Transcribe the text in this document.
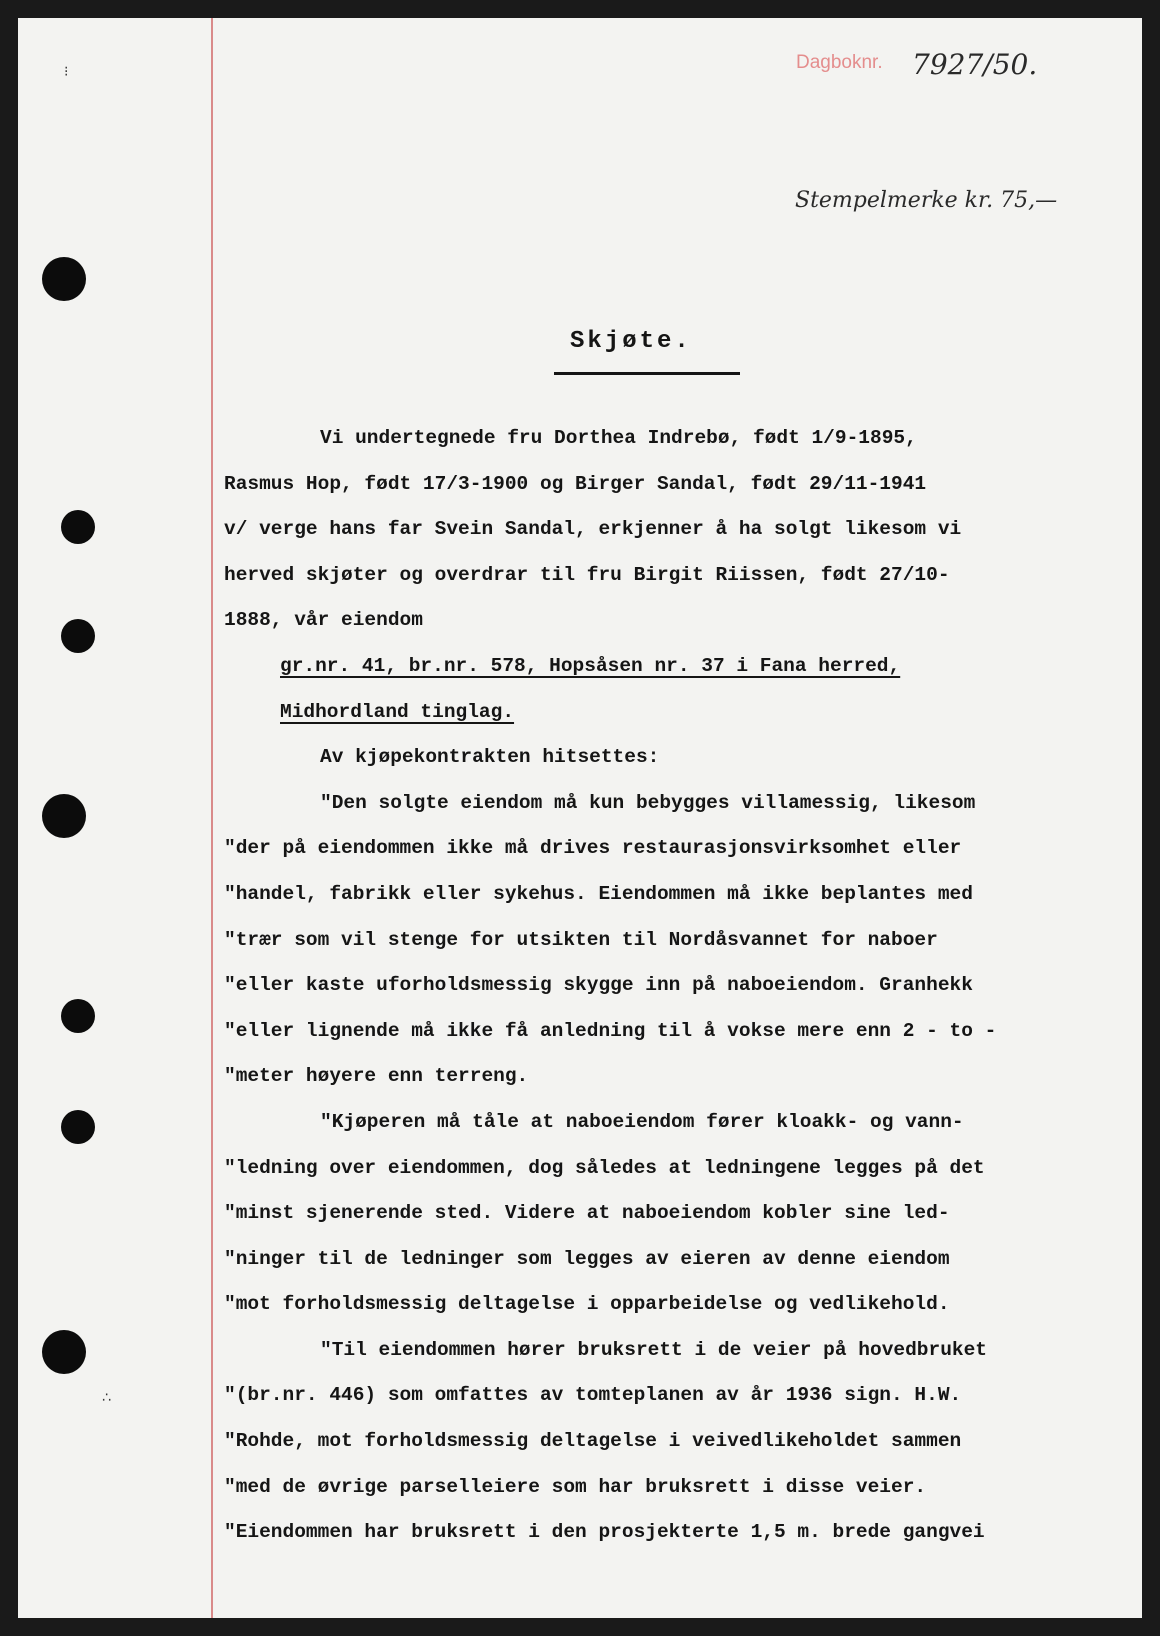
⁝
∴
Dagboknr. 7927/50.
Stempelmerke kr. 75,—
Skjøte.
Vi undertegnede fru Dorthea Indrebø, født 1/9-1895,
Rasmus Hop, født 17/3-1900 og Birger Sandal, født 29/11-1941
v/ verge hans far Svein Sandal, erkjenner å ha solgt likesom vi
herved skjøter og overdrar til fru Birgit Riissen, født 27/10-
1888, vår eiendom
gr.nr. 41, br.nr. 578, Hopsåsen nr. 37 i Fana herred,
Midhordland tinglag.
Av kjøpekontrakten hitsettes:
"Den solgte eiendom må kun bebygges villamessig, likesom
"der på eiendommen ikke må drives restaurasjonsvirksomhet eller
"handel, fabrikk eller sykehus. Eiendommen må ikke beplantes med
"trær som vil stenge for utsikten til Nordåsvannet for naboer
"eller kaste uforholdsmessig skygge inn på naboeiendom. Granhekk
"eller lignende må ikke få anledning til å vokse mere enn 2 - to -
"meter høyere enn terreng.
"Kjøperen må tåle at naboeiendom fører kloakk- og vann-
"ledning over eiendommen, dog således at ledningene legges på det
"minst sjenerende sted. Videre at naboeiendom kobler sine led-
"ninger til de ledninger som legges av eieren av denne eiendom
"mot forholdsmessig deltagelse i opparbeidelse og vedlikehold.
"Til eiendommen hører bruksrett i de veier på hovedbruket
"(br.nr. 446) som omfattes av tomteplanen av år 1936 sign. H.W.
"Rohde, mot forholdsmessig deltagelse i veivedlikeholdet sammen
"med de øvrige parselleiere som har bruksrett i disse veier.
"Eiendommen har bruksrett i den prosjekterte 1,5 m. brede gangvei
